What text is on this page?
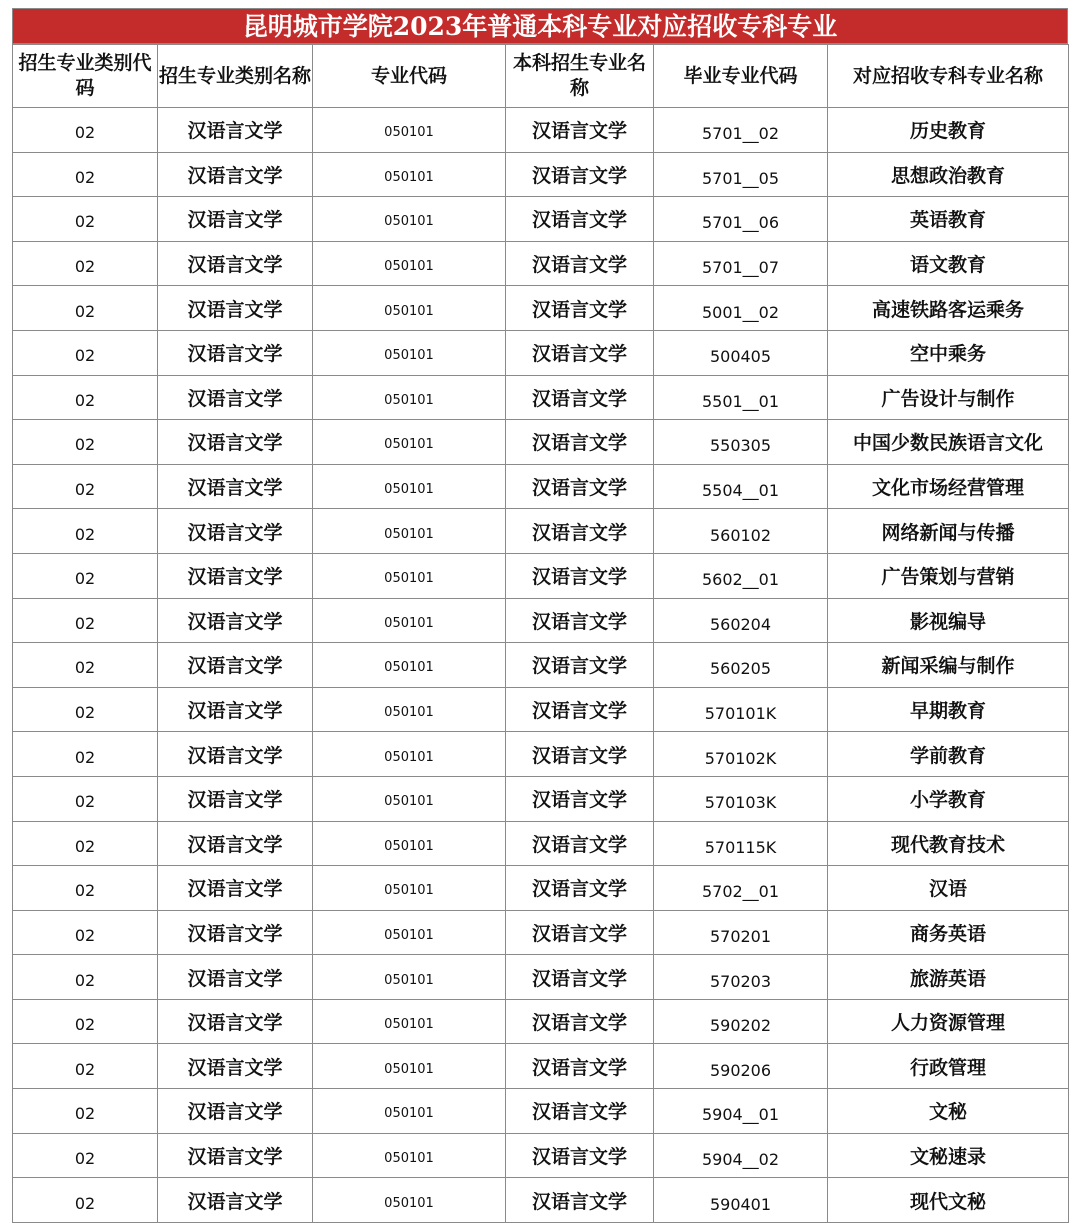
昆明城市学院2023年普通本科专业对应招收专科专业
招生专业类别代码	招生专业类别名称	专业代码	本科招生专业名称	毕业专业代码	对应招收专科专业名称
02	汉语言文学	050101	汉语言文学	5701__02	历史教育
02	汉语言文学	050101	汉语言文学	5701__05	思想政治教育
02	汉语言文学	050101	汉语言文学	5701__06	英语教育
02	汉语言文学	050101	汉语言文学	5701__07	语文教育
02	汉语言文学	050101	汉语言文学	5001__02	高速铁路客运乘务
02	汉语言文学	050101	汉语言文学	500405	空中乘务
02	汉语言文学	050101	汉语言文学	5501__01	广告设计与制作
02	汉语言文学	050101	汉语言文学	550305	中国少数民族语言文化
02	汉语言文学	050101	汉语言文学	5504__01	文化市场经营管理
02	汉语言文学	050101	汉语言文学	560102	网络新闻与传播
02	汉语言文学	050101	汉语言文学	5602__01	广告策划与营销
02	汉语言文学	050101	汉语言文学	560204	影视编导
02	汉语言文学	050101	汉语言文学	560205	新闻采编与制作
02	汉语言文学	050101	汉语言文学	570101K	早期教育
02	汉语言文学	050101	汉语言文学	570102K	学前教育
02	汉语言文学	050101	汉语言文学	570103K	小学教育
02	汉语言文学	050101	汉语言文学	570115K	现代教育技术
02	汉语言文学	050101	汉语言文学	5702__01	汉语
02	汉语言文学	050101	汉语言文学	570201	商务英语
02	汉语言文学	050101	汉语言文学	570203	旅游英语
02	汉语言文学	050101	汉语言文学	590202	人力资源管理
02	汉语言文学	050101	汉语言文学	590206	行政管理
02	汉语言文学	050101	汉语言文学	5904__01	文秘
02	汉语言文学	050101	汉语言文学	5904__02	文秘速录
02	汉语言文学	050101	汉语言文学	590401	现代文秘
